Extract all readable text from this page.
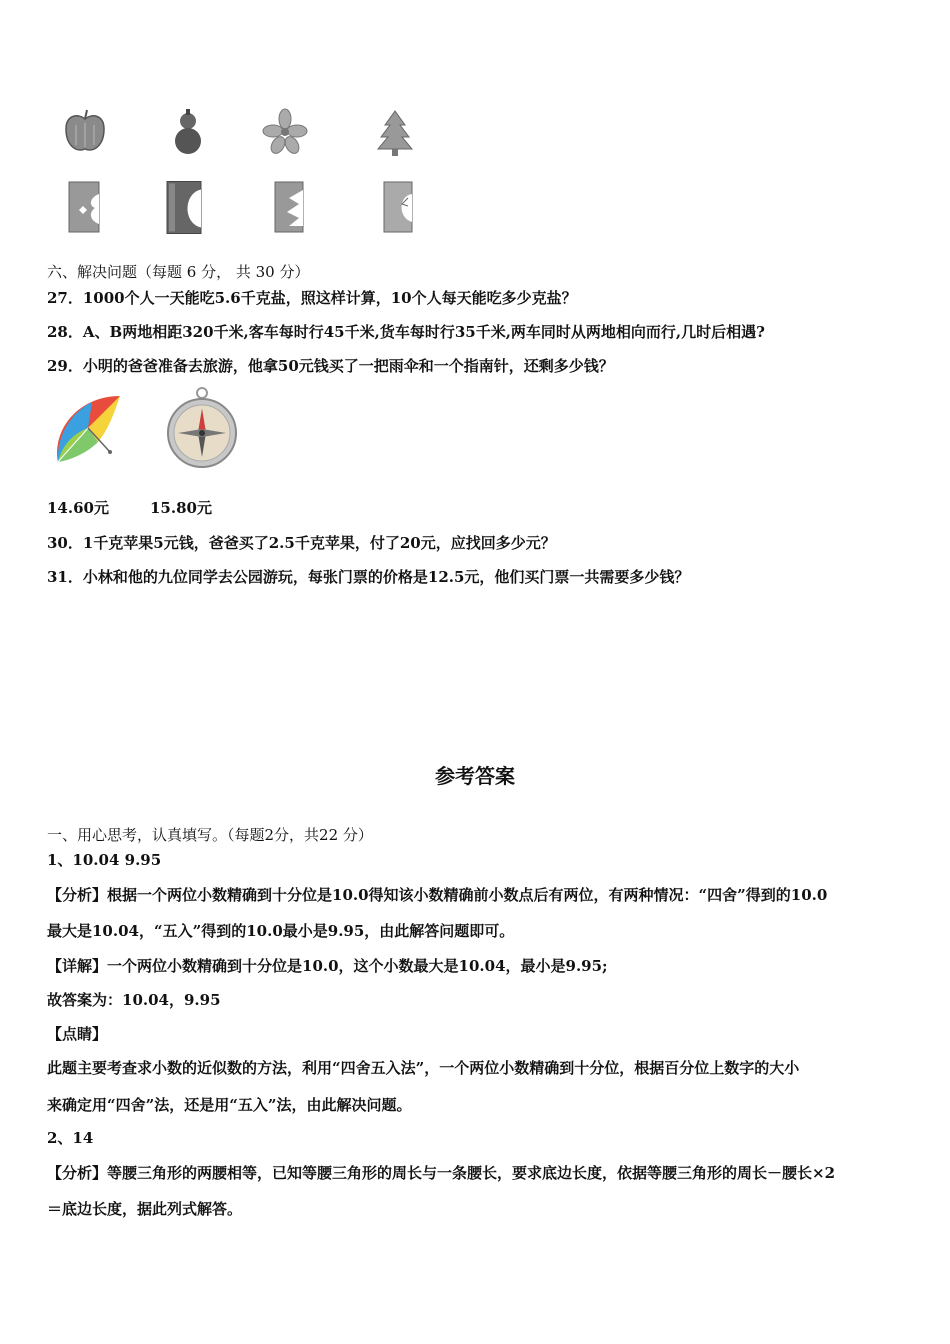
六、解决问题（每题 6 分， 共 30 分）
27．1000个人一天能吃5.6千克盐，照这样计算，10个人每天能吃多少克盐？
28．A、B两地相距320千米,客车每时行45千米,货车每时行35千米,两车同时从两地相向而行,几时后相遇?
29．小明的爸爸准备去旅游，他拿50元钱买了一把雨伞和一个指南针，还剩多少钱？
14.60元	15.80元
30．1千克苹果5元钱，爸爸买了2.5千克苹果，付了20元，应找回多少元？
31．小林和他的九位同学去公园游玩，每张门票的价格是12.5元，他们买门票一共需要多少钱？
参考答案
一、用心思考，认真填写。（每题2分，共22 分）
1、10.04 9.95
【分析】根据一个两位小数精确到十分位是10.0得知该小数精确前小数点后有两位，有两种情况：“四舍”得到的10.0
最大是10.04，“五入”得到的10.0最小是9.95，由此解答问题即可。
【详解】一个两位小数精确到十分位是10.0，这个小数最大是10.04，最小是9.95;
故答案为：10.04，9.95
【点睛】
此题主要考查求小数的近似数的方法，利用“四舍五入法”，一个两位小数精确到十分位，根据百分位上数字的大小
来确定用“四舍”法，还是用“五入”法，由此解决问题。
2、14
【分析】等腰三角形的两腰相等，已知等腰三角形的周长与一条腰长，要求底边长度，依据等腰三角形的周长－腰长×2
＝底边长度，据此列式解答。
